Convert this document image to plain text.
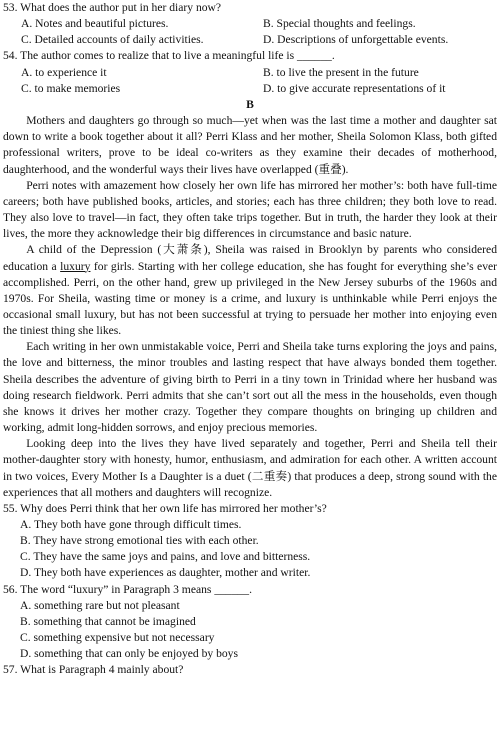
53. What does the author put in her diary now?
A. Notes and beautiful pictures.	B. Special thoughts and feelings.
C. Detailed accounts of daily activities.	D. Descriptions of unforgettable events.
54. The author comes to realize that to live a meaningful life is ______.
A. to experience it	B. to live the present in the future
C. to make memories	D. to give accurate representations of it
B

Mothers and daughters go through so much—yet when was the last time a mother and daughter sat down to write a book together about it all? Perri Klass and her mother, Sheila Solomon Klass, both gifted professional writers, prove to be ideal co-writers as they examine their decades of motherhood, daughterhood, and the wonderful ways their lives have overlapped (重叠).

Perri notes with amazement how closely her own life has mirrored her mother’s: both have full-time careers; both have published books, articles, and stories; each has three children; they both love to read. They also love to travel—in fact, they often take trips together. But in truth, the harder they look at their lives, the more they acknowledge their big differences in circumstance and basic nature.

A child of the Depression (大萧条), Sheila was raised in Brooklyn by parents who considered education a luxury for girls. Starting with her college education, she has fought for everything she’s ever accomplished. Perri, on the other hand, grew up privileged in the New Jersey suburbs of the 1960s and 1970s. For Sheila, wasting time or money is a crime, and luxury is unthinkable while Perri enjoys the occasional small luxury, but has not been successful at trying to persuade her mother into enjoying even the tiniest thing she likes.

Each writing in her own unmistakable voice, Perri and Sheila take turns exploring the joys and pains, the love and bitterness, the minor troubles and lasting respect that have always bonded them together. Sheila describes the adventure of giving birth to Perri in a tiny town in Trinidad where her husband was doing research fieldwork. Perri admits that she can’t sort out all the mess in the households, even though she knows it drives her mother crazy. Together they compare thoughts on bringing up children and working, admit long-hidden sorrows, and enjoy precious memories.

Looking deep into the lives they have lived separately and together, Perri and Sheila tell their mother-daughter story with honesty, humor, enthusiasm, and admiration for each other. A written account in two voices, Every Mother Is a Daughter is a duet (二重奏) that produces a deep, strong sound with the experiences that all mothers and daughters will recognize.

55. Why does Perri think that her own life has mirrored her mother’s?
A. They both have gone through difficult times.
B. They have strong emotional ties with each other.
C. They have the same joys and pains, and love and bitterness.
D. They both have experiences as daughter, mother and writer.
56. The word “luxury” in Paragraph 3 means ______.
A. something rare but not pleasant
B. something that cannot be imagined
C. something expensive but not necessary
D. something that can only be enjoyed by boys
57. What is Paragraph 4 mainly about?
